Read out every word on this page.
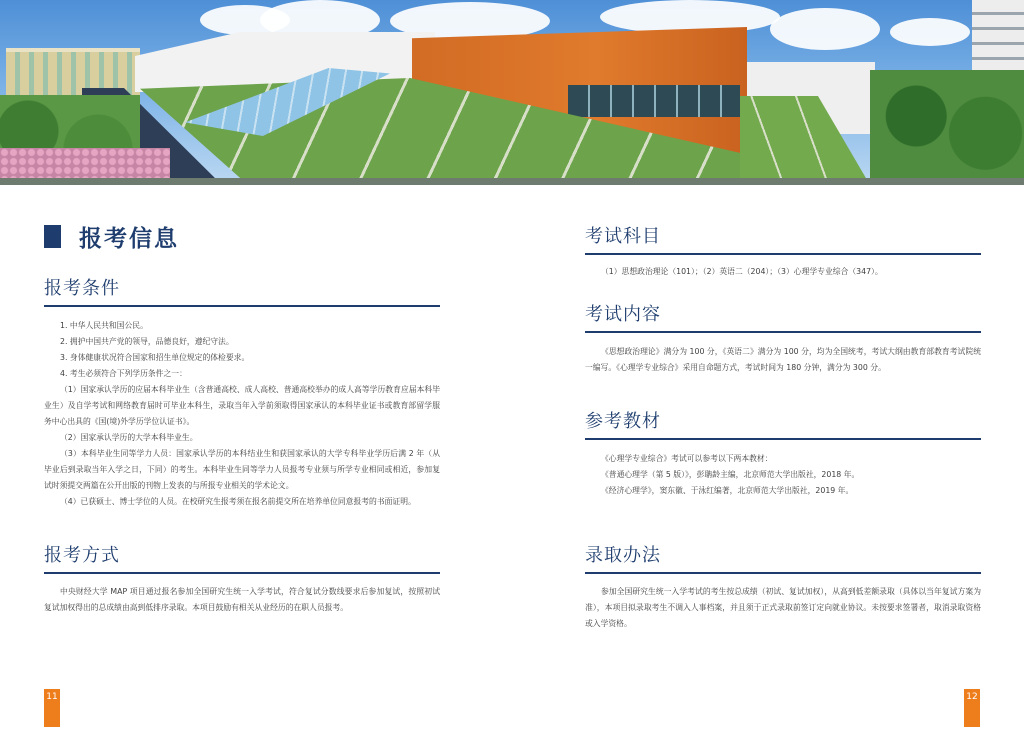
报考信息
报考条件
1. 中华人民共和国公民。
2. 拥护中国共产党的领导，品德良好，遵纪守法。
3. 身体健康状况符合国家和招生单位规定的体检要求。
4. 考生必须符合下列学历条件之一：
（1）国家承认学历的应届本科毕业生（含普通高校、成人高校、普通高校举办的成人高等学历教育应届本科毕业生）及自学考试和网络教育届时可毕业本科生，录取当年入学前须取得国家承认的本科毕业证书或教育部留学服务中心出具的《国(境)外学历学位认证书》。
（2）国家承认学历的大学本科毕业生。
（3）本科毕业生同等学力人员：国家承认学历的本科结业生和获国家承认的大学专科毕业学历后满 2 年（从毕业后到录取当年入学之日，下同）的考生。本科毕业生同等学力人员报考专业须与所学专业相同或相近，参加复试时须提交两篇在公开出版的刊物上发表的与所报专业相关的学术论文。
（4）已获硕士、博士学位的人员。在校研究生报考须在报名前提交所在培养单位同意报考的书面证明。
报考方式

中央财经大学 MAP 项目通过报名参加全国研究生统一入学考试，符合复试分数线要求后参加复试，按照初试复试加权得出的总成绩由高到低排序录取。本项目鼓励有相关从业经历的在职人员报考。

11
考试科目

（1）思想政治理论（101）；（2）英语二（204）；（3）心理学专业综合（347）。

考试内容

《思想政治理论》满分为 100 分，《英语二》满分为 100 分，均为全国统考，考试大纲由教育部教育考试院统一编写。《心理学专业综合》采用自命题方式，考试时间为 180 分钟，满分为 300 分。

参考教材
《心理学专业综合》考试可以参考以下两本教材：
《普通心理学（第 5 版）》，彭聃龄主编，北京师范大学出版社，2018 年。
《经济心理学》，窦东徽、于泳红编著，北京师范大学出版社，2019 年。
录取办法

参加全国研究生统一入学考试的考生按总成绩（初试、复试加权），从高到低差额录取（具体以当年复试方案为准），本项目拟录取考生不调入人事档案，并且须于正式录取前签订定向就业协议。未按要求签署者，取消录取资格或入学资格。

12
